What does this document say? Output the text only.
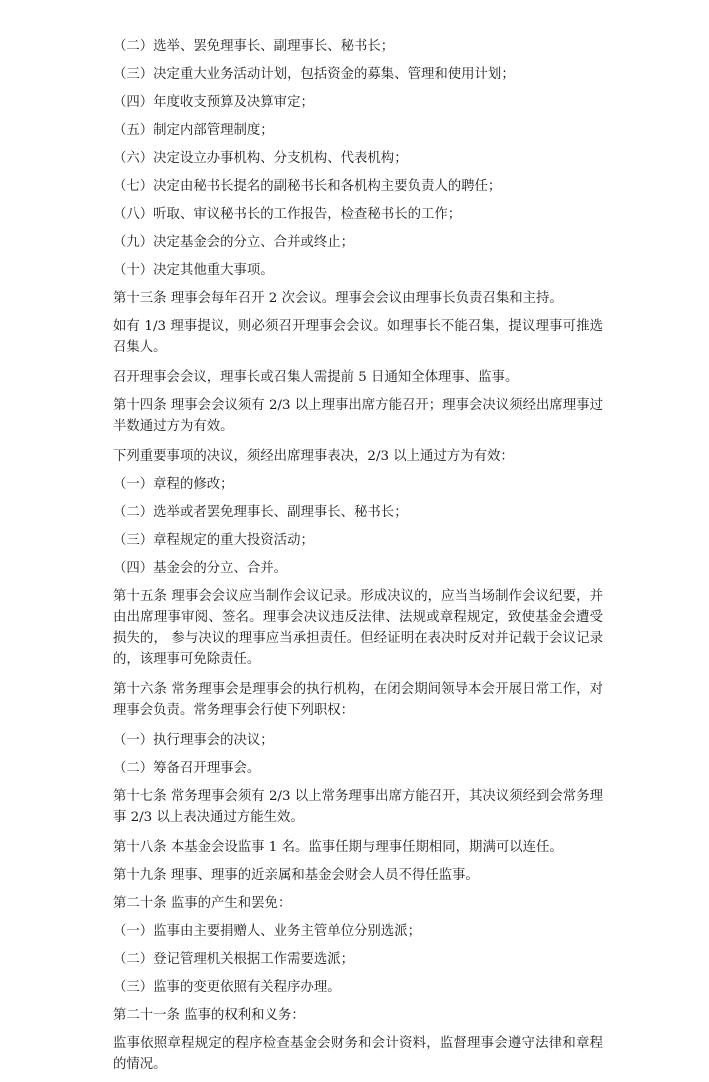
（二）选举、罢免理事长、副理事长、秘书长；

（三）决定重大业务活动计划，包括资金的募集、管理和使用计划；

（四）年度收支预算及决算审定；

（五）制定内部管理制度；

（六）决定设立办事机构、分支机构、代表机构；

（七）决定由秘书长提名的副秘书长和各机构主要负责人的聘任；

（八）听取、审议秘书长的工作报告，检查秘书长的工作；

（九）决定基金会的分立、合并或终止；

（十）决定其他重大事项。

第十三条 理事会每年召开 2 次会议。理事会会议由理事长负责召集和主持。

如有 1/3 理事提议，则必须召开理事会会议。如理事长不能召集，提议理事可推选召集人。

召开理事会会议，理事长或召集人需提前 5 日通知全体理事、监事。

第十四条 理事会会议须有 2/3 以上理事出席方能召开；理事会决议须经出席理事过半数通过方为有效。

下列重要事项的决议，须经出席理事表决，2/3 以上通过方为有效：

（一）章程的修改；

（二）选举或者罢免理事长、副理事长、秘书长；

（三）章程规定的重大投资活动；

（四）基金会的分立、合并。

第十五条 理事会会议应当制作会议记录。形成决议的，应当当场制作会议纪要，并由出席理事审阅、签名。理事会决议违反法律、法规或章程规定，致使基金会遭受损失的， 参与决议的理事应当承担责任。但经证明在表决时反对并记载于会议记录的，该理事可免除责任。

第十六条 常务理事会是理事会的执行机构，在闭会期间领导本会开展日常工作，对理事会负责。常务理事会行使下列职权：

（一）执行理事会的决议；

（二）筹备召开理事会。

第十七条 常务理事会须有 2/3 以上常务理事出席方能召开，其决议须经到会常务理事 2/3 以上表决通过方能生效。

第十八条 本基金会设监事 1 名。监事任期与理事任期相同，期满可以连任。

第十九条 理事、理事的近亲属和基金会财会人员不得任监事。

第二十条 监事的产生和罢免：

（一）监事由主要捐赠人、业务主管单位分别选派；

（二）登记管理机关根据工作需要选派；

（三）监事的变更依照有关程序办理。

第二十一条 监事的权利和义务：

监事依照章程规定的程序检查基金会财务和会计资料，监督理事会遵守法律和章程的情况。
